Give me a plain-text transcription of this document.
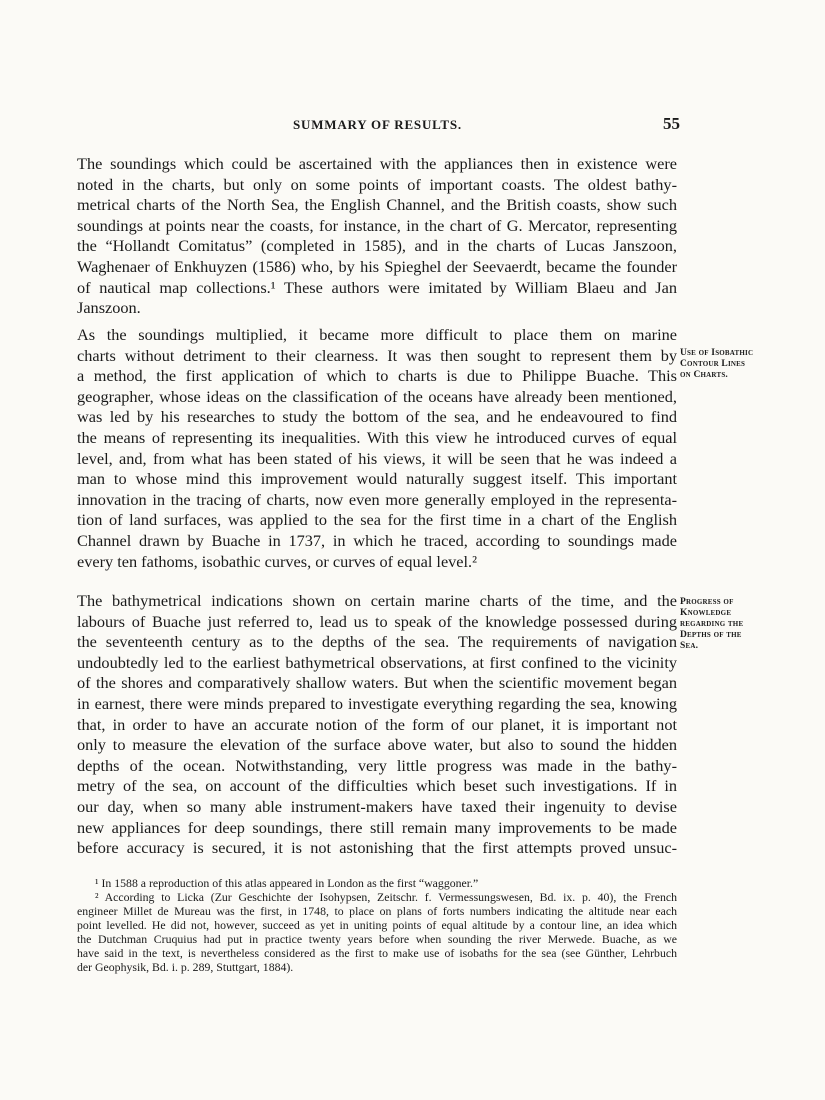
SUMMARY OF RESULTS.	55
The soundings which could be ascertained with the appliances then in existence were
noted in the charts, but only on some points of important coasts. The oldest bathy-
metrical charts of the North Sea, the English Channel, and the British coasts, show such
soundings at points near the coasts, for instance, in the chart of G. Mercator, representing
the “Hollandt Comitatus” (completed in 1585), and in the charts of Lucas Janszoon,
Waghenaer of Enkhuyzen (1586) who, by his Spieghel der Seevaerdt, became the founder
of nautical map collections.¹ These authors were imitated by William Blaeu and Jan
Janszoon.
As the soundings multiplied, it became more difficult to place them on marine
charts without detriment to their clearness. It was then sought to represent them by
a method, the first application of which to charts is due to Philippe Buache. This
geographer, whose ideas on the classification of the oceans have already been mentioned,
was led by his researches to study the bottom of the sea, and he endeavoured to find
the means of representing its inequalities. With this view he introduced curves of equal
level, and, from what has been stated of his views, it will be seen that he was indeed a
man to whose mind this improvement would naturally suggest itself. This important
innovation in the tracing of charts, now even more generally employed in the representa-
tion of land surfaces, was applied to the sea for the first time in a chart of the English
Channel drawn by Buache in 1737, in which he traced, according to soundings made
every ten fathoms, isobathic curves, or curves of equal level.²
The bathymetrical indications shown on certain marine charts of the time, and the
labours of Buache just referred to, lead us to speak of the knowledge possessed during
the seventeenth century as to the depths of the sea. The requirements of navigation
undoubtedly led to the earliest bathymetrical observations, at first confined to the vicinity
of the shores and comparatively shallow waters. But when the scientific movement began
in earnest, there were minds prepared to investigate everything regarding the sea, knowing
that, in order to have an accurate notion of the form of our planet, it is important not
only to measure the elevation of the surface above water, but also to sound the hidden
depths of the ocean. Notwithstanding, very little progress was made in the bathy-
metry of the sea, on account of the difficulties which beset such investigations. If in
our day, when so many able instrument-makers have taxed their ingenuity to devise
new appliances for deep soundings, there still remain many improvements to be made
before accuracy is secured, it is not astonishing that the first attempts proved unsuc-
Use of Isobathic
Contour Lines
on Charts.
Progress of
Knowledge
regarding the
Depths of the
Sea.
¹ In 1588 a reproduction of this atlas appeared in London as the first “waggoner.”
² According to Licka (Zur Geschichte der Isohypsen, Zeitschr. f. Vermessungswesen, Bd. ix. p. 40), the French
engineer Millet de Mureau was the first, in 1748, to place on plans of forts numbers indicating the altitude near each
point levelled. He did not, however, succeed as yet in uniting points of equal altitude by a contour line, an idea which
the Dutchman Cruquius had put in practice twenty years before when sounding the river Merwede. Buache, as we
have said in the text, is nevertheless considered as the first to make use of isobaths for the sea (see Günther, Lehrbuch
der Geophysik, Bd. i. p. 289, Stuttgart, 1884).
